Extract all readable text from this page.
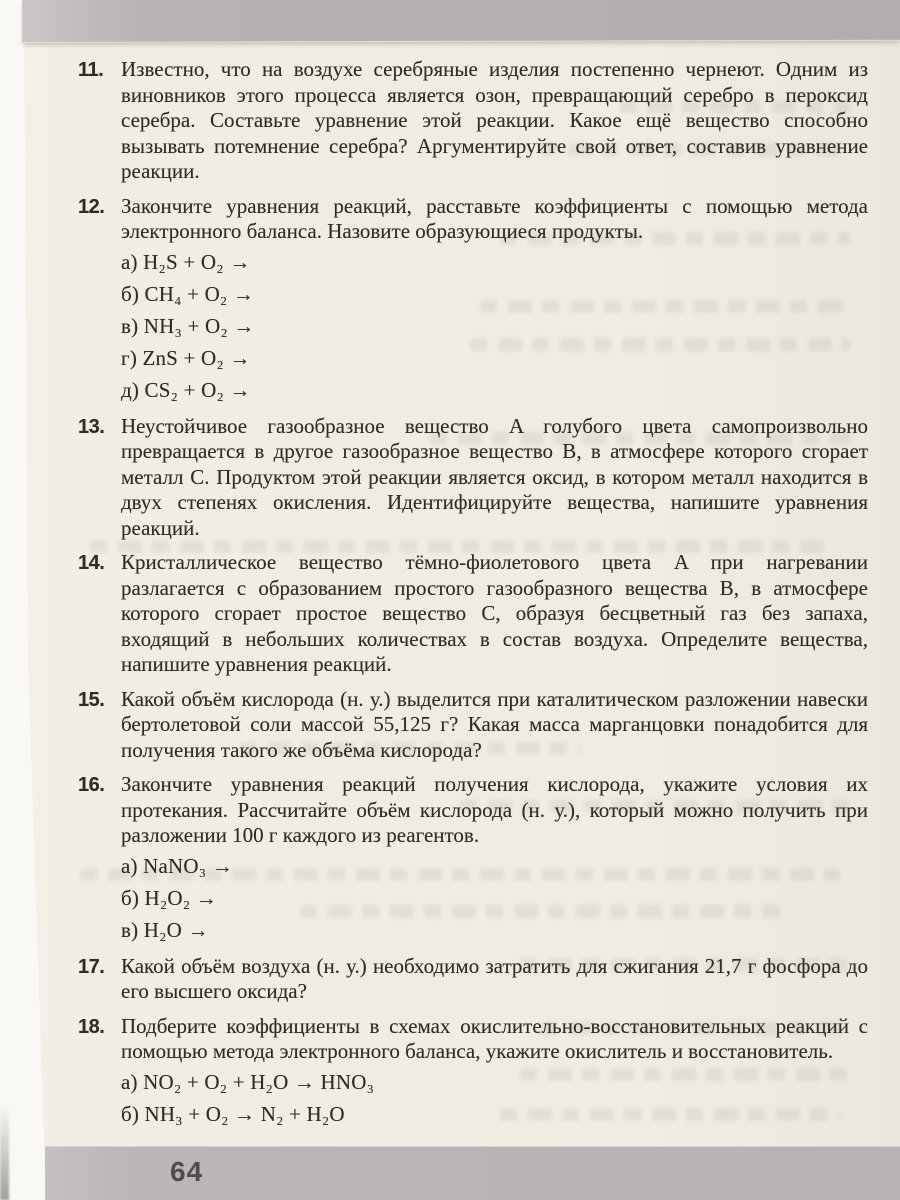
11. Известно, что на воздухе серебряные изделия постепенно чернеют. Одним из виновников этого процесса является озон, превращающий серебро в пероксид серебра. Составьте уравнение этой реакции. Какое ещё вещество способно вызывать потемнение серебра? Аргументируйте свой ответ, составив уравнение реакции.
12. Закончите уравнения реакций, расставьте коэффициенты с помощью метода электронного баланса. Назовите образующиеся продукты.
а) H₂S + O₂ →
б) CH₄ + O₂ →
в) NH₃ + O₂ →
г) ZnS + O₂ →
д) CS₂ + O₂ →
13. Неустойчивое газообразное вещество A голубого цвета самопроизвольно превращается в другое газообразное вещество B, в атмосфере которого сгорает металл C. Продуктом этой реакции является оксид, в котором металл находится в двух степенях окисления. Идентифицируйте вещества, напишите уравнения реакций.
14. Кристаллическое вещество тёмно-фиолетового цвета A при нагревании разлагается с образованием простого газообразного вещества B, в атмосфере которого сгорает простое вещество C, образуя бесцветный газ без запаха, входящий в небольших количествах в состав воздуха. Определите вещества, напишите уравнения реакций.
15. Какой объём кислорода (н. у.) выделится при каталитическом разложении навески бертолетовой соли массой 55,125 г? Какая масса марганцовки понадобится для получения такого же объёма кислорода?
16. Закончите уравнения реакций получения кислорода, укажите условия их протекания. Рассчитайте объём кислорода (н. у.), который можно получить при разложении 100 г каждого из реагентов.
а) NaNO₃ →
б) H₂O₂ →
в) H₂O →
17. Какой объём воздуха (н. у.) необходимо затратить для сжигания 21,7 г фосфора до его высшего оксида?
18. Подберите коэффициенты в схемах окислительно-восстановительных реакций с помощью метода электронного баланса, укажите окислитель и восстановитель.
а) NO₂ + O₂ + H₂O → HNO₃
б) NH₃ + O₂ → N₂ + H₂O
64
